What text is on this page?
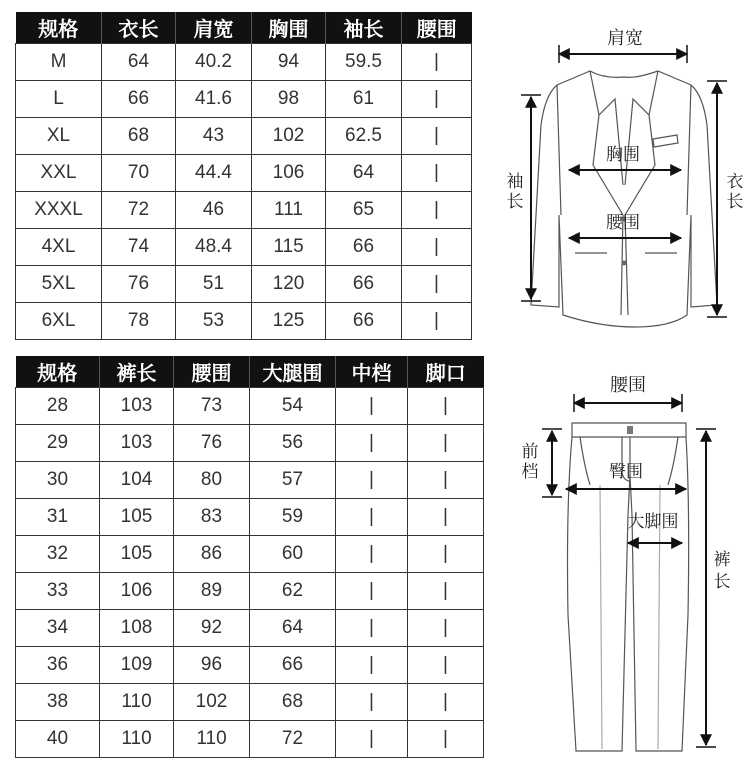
规格	衣长	肩宽	胸围	袖长	腰围
M	64	40.2	94	59.5	|
L	66	41.6	98	61	|
XL	68	43	102	62.5	|
XXL	70	44.4	106	64	|
XXXL	72	46	111	65	|
4XL	74	48.4	115	66	|
5XL	76	51	120	66	|
6XL	78	53	125	66	|
规格	裤长	腰围	大腿围	中档	脚口
28	103	73	54	|	|
29	103	76	56	|	|
30	104	80	57	|	|
31	105	83	59	|	|
32	105	86	60	|	|
33	106	89	62	|	|
34	108	92	64	|	|
36	109	96	66	|	|
38	110	102	68	|	|
40	110	110	72	|	|
肩宽
胸围
腰围
袖
长
衣
长
腰围
前
档	臀围
大脚围
裤
长
